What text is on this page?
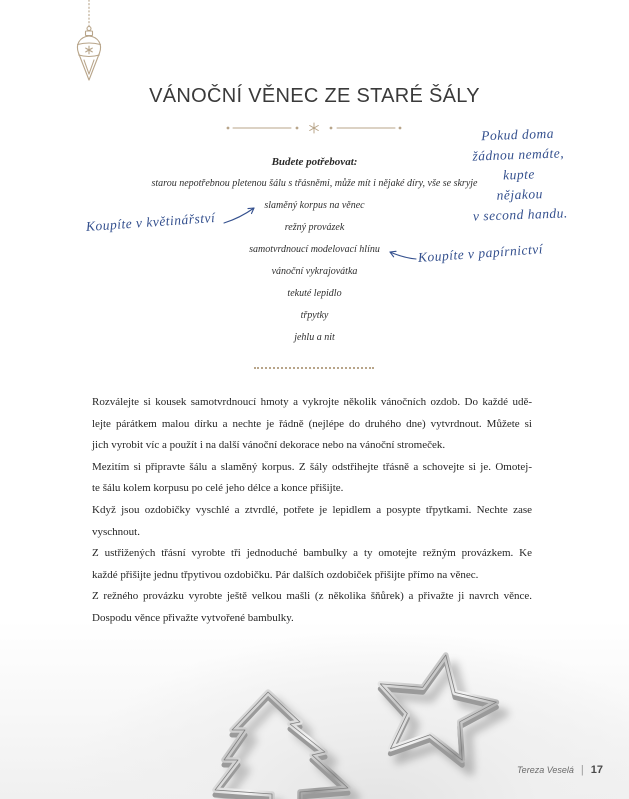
VÁNOČNÍ VĚNEC ZE STARÉ ŠÁLY
Budete potřebovat:
starou nepotřebnou pletenou šálu s třásněmi, může mít i nějaké díry, vše se skryje
slaměný korpus na věnec
režný provázek
samotvrdnoucí modelovací hlínu
vánoční vykrajovátka
tekuté lepidlo
třpytky
jehlu a nit
Pokud doma
žádnou nemáte,
kupte
nějakou
v second handu.
Koupíte v květinářství
Koupíte v papírnictví
Rozválejte si kousek samotvrdnoucí hmoty a vykrojte několik vánočních ozdob. Do každé udě-
lejte párátkem malou dírku a nechte je řádně (nejlépe do druhého dne) vytvrdnout. Můžete si
jich vyrobit víc a použít i na další vánoční dekorace nebo na vánoční stromeček.
Mezitím si připravte šálu a slaměný korpus. Z šály odstřihejte třásně a schovejte si je. Omotej-
te šálu kolem korpusu po celé jeho délce a konce přišijte.
Když jsou ozdobičky vyschlé a ztvrdlé, potřete je lepidlem a posypte třpytkami. Nechte zase
vyschnout.
Z ustřižených třásní vyrobte tři jednoduché bambulky a ty omotejte režným provázkem. Ke
každé přišijte jednu třpytivou ozdobičku. Pár dalších ozdobiček přišijte přímo na věnec.
Z režného provázku vyrobte ještě velkou mašli (z několika šňůrek) a přivažte ji navrch věnce.
Dospodu věnce přivažte vytvořené bambulky.
Tereza Veselá | 17
